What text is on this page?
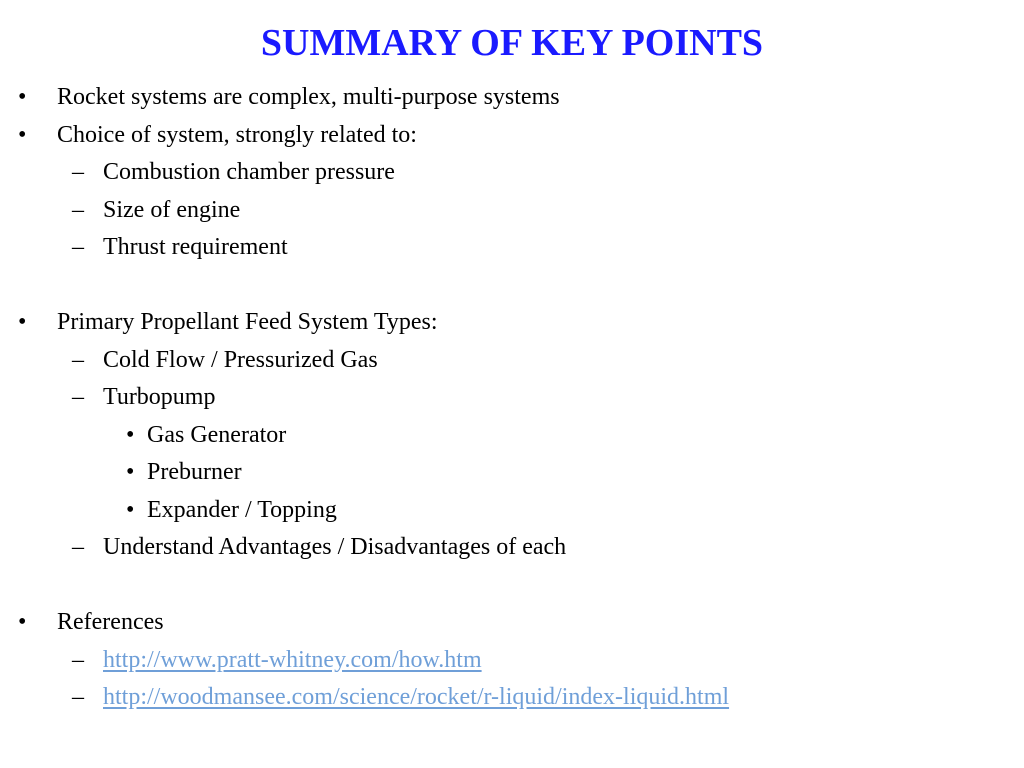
SUMMARY OF KEY POINTS
• Rocket systems are complex, multi-purpose systems
• Choice of system, strongly related to:
– Combustion chamber pressure
– Size of engine
– Thrust requirement
• Primary Propellant Feed System Types:
– Cold Flow / Pressurized Gas
– Turbopump
• Gas Generator
• Preburner
• Expander / Topping
– Understand Advantages / Disadvantages of each
• References
– http://www.pratt-whitney.com/how.htm
– http://woodmansee.com/science/rocket/r-liquid/index-liquid.html
